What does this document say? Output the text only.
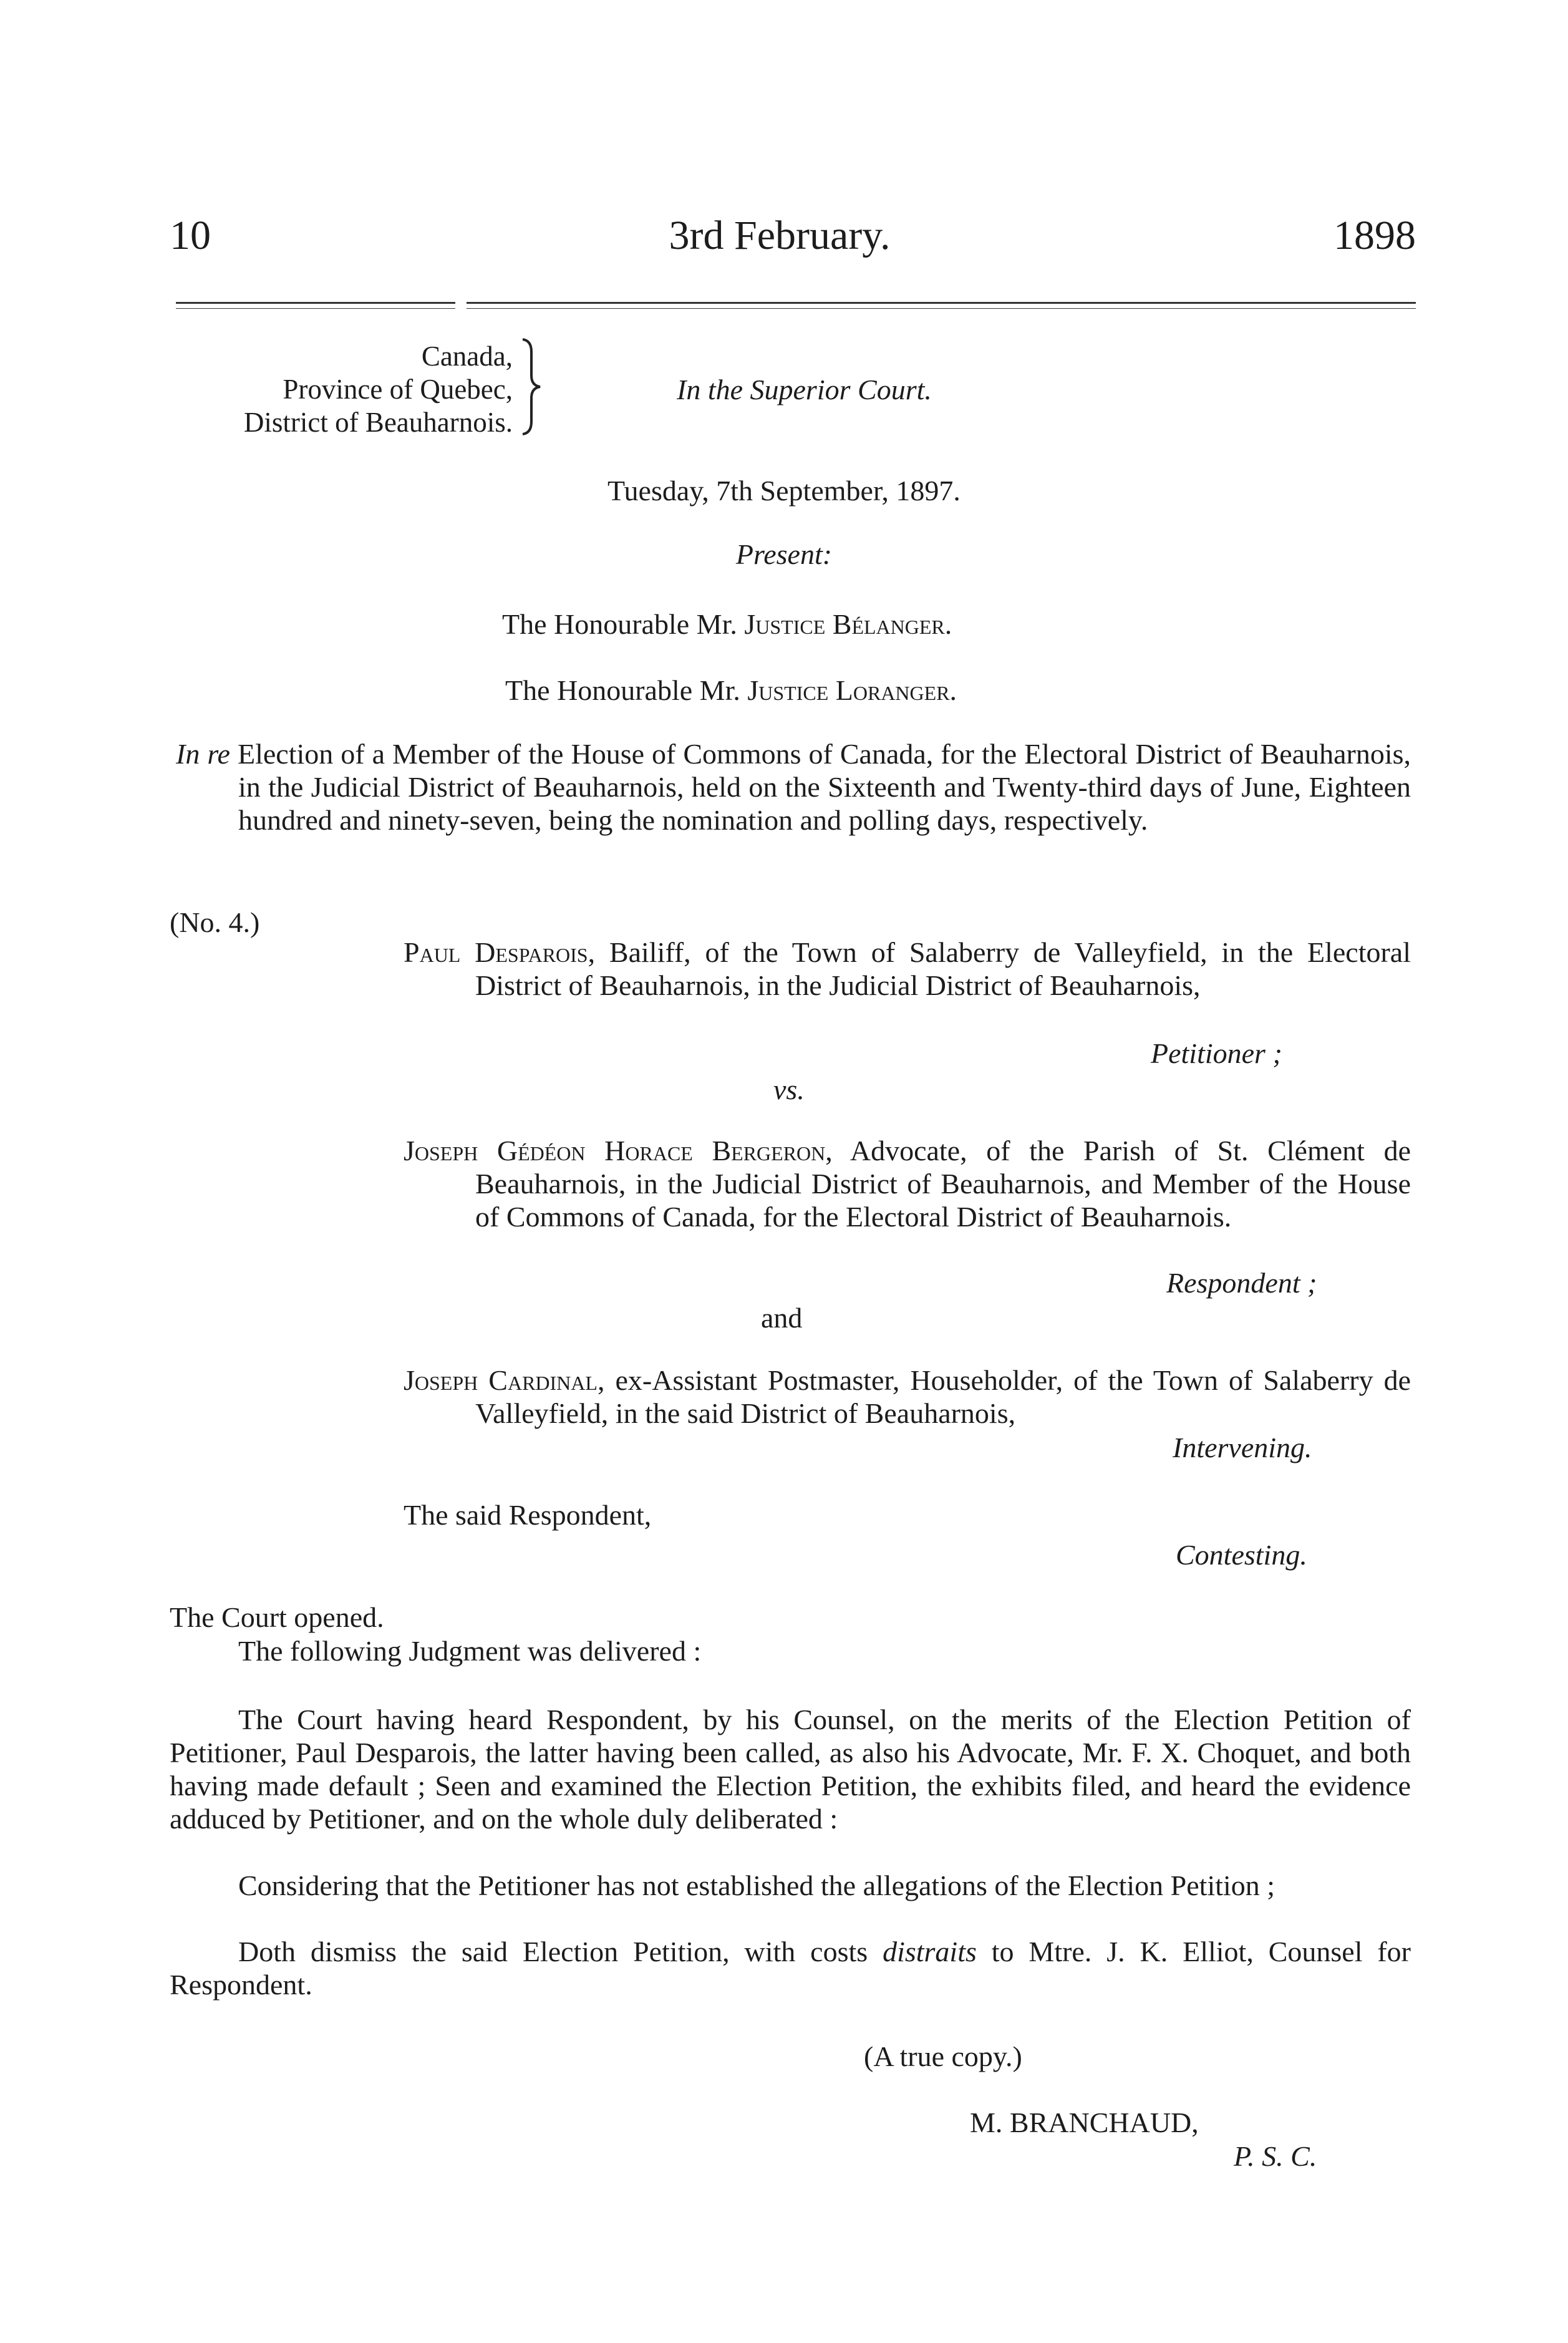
10	3rd February.	1898
Canada,
Province of Quebec,
District of Beauharnois.
In the Superior Court.
Tuesday, 7th September, 1897.
Present:
The Honourable Mr. Justice Bélanger.
The Honourable Mr. Justice Loranger.
In re Election of a Member of the House of Commons of Canada, for the Electoral District of Beauharnois, in the Judicial District of Beauharnois, held on the Sixteenth and Twenty-third days of June, Eighteen hundred and ninety-seven, being the nomination and polling days, respectively.
(No. 4.)
Paul Desparois, Bailiff, of the Town of Salaberry de Valleyfield, in the Electoral District of Beauharnois, in the Judicial District of Beauharnois,
Petitioner ;
vs.
Joseph Gédéon Horace Bergeron, Advocate, of the Parish of St. Clément de Beauharnois, in the Judicial District of Beauharnois, and Member of the House of Commons of Canada, for the Electoral District of Beauharnois.
Respondent ;
and
Joseph Cardinal, ex-Assistant Postmaster, Householder, of the Town of Salaberry de Valleyfield, in the said District of Beauharnois,
Intervening.
The said Respondent,
Contesting.
The Court opened.
The following Judgment was delivered :
The Court having heard Respondent, by his Counsel, on the merits of the Election Petition of Petitioner, Paul Desparois, the latter having been called, as also his Advocate, Mr. F. X. Choquet, and both having made default ; Seen and examined the Election Petition, the exhibits filed, and heard the evidence adduced by Petitioner, and on the whole duly deliberated :
Considering that the Petitioner has not established the allegations of the Election Petition ;
Doth dismiss the said Election Petition, with costs distraits to Mtre. J. K. Elliot, Counsel for Respondent.
(A true copy.)
M. BRANCHAUD,
P. S. C.
